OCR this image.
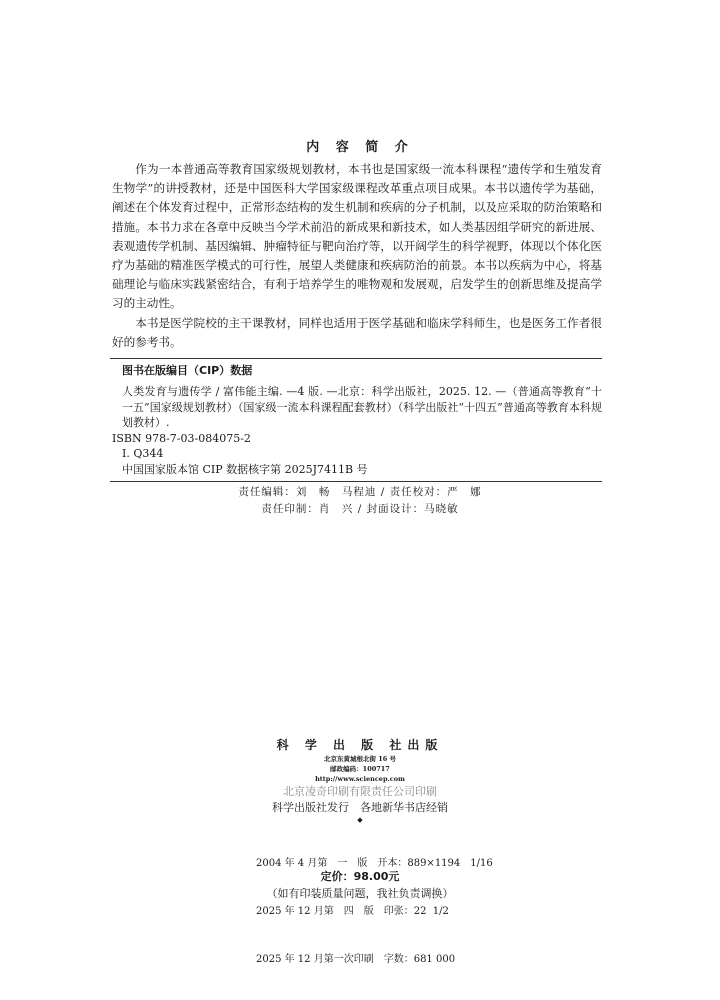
内 容 简 介

作为一本普通高等教育国家级规划教材，本书也是国家级一流本科课程“遗传学和生殖发育生物学”的讲授教材，还是中国医科大学国家级课程改革重点项目成果。本书以遗传学为基础，阐述在个体发育过程中，正常形态结构的发生机制和疾病的分子机制，以及应采取的防治策略和措施。本书力求在各章中反映当今学术前沿的新成果和新技术，如人类基因组学研究的新进展、表观遗传学机制、基因编辑、肿瘤特征与靶向治疗等，以开阔学生的科学视野，体现以个体化医疗为基础的精准医学模式的可行性，展望人类健康和疾病防治的前景。本书以疾病为中心，将基础理论与临床实践紧密结合，有利于培养学生的唯物观和发展观，启发学生的创新思维及提高学习的主动性。

本书是医学院校的主干课教材，同样也适用于医学基础和临床学科师生，也是医务工作者很好的参考书。

图书在版编目（CIP）数据
人类发育与遗传学 / 富伟能主编. —4 版. —北京：科学出版社，2025. 12. —（普通高等教育“十一五”国家级规划教材）（国家级一流本科课程配套教材）（科学出版社“十四五”普通高等教育本科规划教材）.
ISBN 978-7-03-084075-2
Ⅰ. Q344
中国国家版本馆 CIP 数据核字第 2025J7411B 号
责任编辑：刘　畅　马程迪 / 责任校对：严　娜
责任印制：肖　兴 / 封面设计：马晓敏
科 学 出 版 社出版
北京东黄城根北街 16 号
邮政编码：100717
http://www.sciencep.com
北京凌奇印刷有限责任公司印刷
科学出版社发行　各地新华书店经销
◆

2004 年 4 月第　一　版　开本：889×1194　1/16

2025 年 12 月第　四　版　印张：22  1/2

2025 年 12 月第一次印刷　字数：681 000

定价：98.00元
（如有印装质量问题，我社负责调换）
